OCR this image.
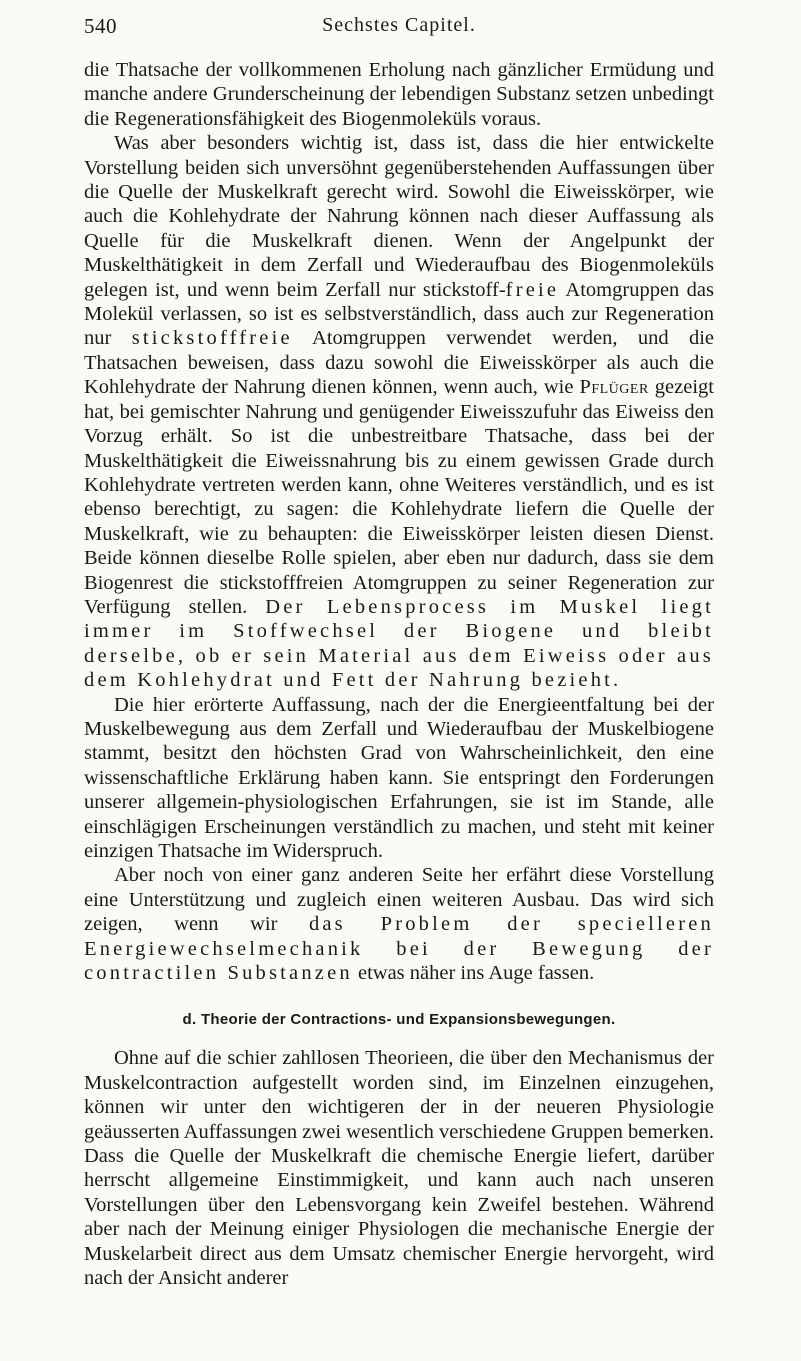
540	Sechstes Capitel.

die Thatsache der vollkommenen Erholung nach gänzlicher Ermüdung und manche andere Grunderscheinung der lebendigen Substanz setzen unbedingt die Regenerationsfähigkeit des Biogenmoleküls voraus.

Was aber besonders wichtig ist, dass ist, dass die hier entwickelte Vorstellung beiden sich unversöhnt gegenüberstehenden Auffassungen über die Quelle der Muskelkraft gerecht wird. Sowohl die Eiweisskörper, wie auch die Kohlehydrate der Nahrung können nach dieser Auffassung als Quelle für die Muskelkraft dienen. Wenn der Angelpunkt der Muskelthätigkeit in dem Zerfall und Wiederaufbau des Biogenmoleküls gelegen ist, und wenn beim Zerfall nur stickstoff-freie Atomgruppen das Molekül verlassen, so ist es selbstverständlich, dass auch zur Regeneration nur stickstofffreie Atomgruppen verwendet werden, und die Thatsachen beweisen, dass dazu sowohl die Eiweisskörper als auch die Kohlehydrate der Nahrung dienen können, wenn auch, wie Pflüger gezeigt hat, bei gemischter Nahrung und genügender Eiweisszufuhr das Eiweiss den Vorzug erhält. So ist die unbestreitbare Thatsache, dass bei der Muskelthätigkeit die Eiweissnahrung bis zu einem gewissen Grade durch Kohlehydrate vertreten werden kann, ohne Weiteres verständlich, und es ist ebenso berechtigt, zu sagen: die Kohlehydrate liefern die Quelle der Muskelkraft, wie zu behaupten: die Eiweisskörper leisten diesen Dienst. Beide können dieselbe Rolle spielen, aber eben nur dadurch, dass sie dem Biogenrest die stickstofffreien Atomgruppen zu seiner Regeneration zur Verfügung stellen. Der Lebensprocess im Muskel liegt immer im Stoffwechsel der Biogene und bleibt derselbe, ob er sein Material aus dem Eiweiss oder aus dem Kohlehydrat und Fett der Nahrung bezieht.

Die hier erörterte Auffassung, nach der die Energieentfaltung bei der Muskelbewegung aus dem Zerfall und Wiederaufbau der Muskelbiogene stammt, besitzt den höchsten Grad von Wahrscheinlichkeit, den eine wissenschaftliche Erklärung haben kann. Sie entspringt den Forderungen unserer allgemein-physiologischen Erfahrungen, sie ist im Stande, alle einschlägigen Erscheinungen verständlich zu machen, und steht mit keiner einzigen Thatsache im Widerspruch.

Aber noch von einer ganz anderen Seite her erfährt diese Vorstellung eine Unterstützung und zugleich einen weiteren Ausbau. Das wird sich zeigen, wenn wir das Problem der specielleren Energiewechselmechanik bei der Bewegung der contractilen Substanzen etwas näher ins Auge fassen.

d. Theorie der Contractions- und Expansionsbewegungen.

Ohne auf die schier zahllosen Theorieen, die über den Mechanismus der Muskelcontraction aufgestellt worden sind, im Einzelnen einzugehen, können wir unter den wichtigeren der in der neueren Physiologie geäusserten Auffassungen zwei wesentlich verschiedene Gruppen bemerken. Dass die Quelle der Muskelkraft die chemische Energie liefert, darüber herrscht allgemeine Einstimmigkeit, und kann auch nach unseren Vorstellungen über den Lebensvorgang kein Zweifel bestehen. Während aber nach der Meinung einiger Physiologen die mechanische Energie der Muskelarbeit direct aus dem Umsatz chemischer Energie hervorgeht, wird nach der Ansicht anderer
